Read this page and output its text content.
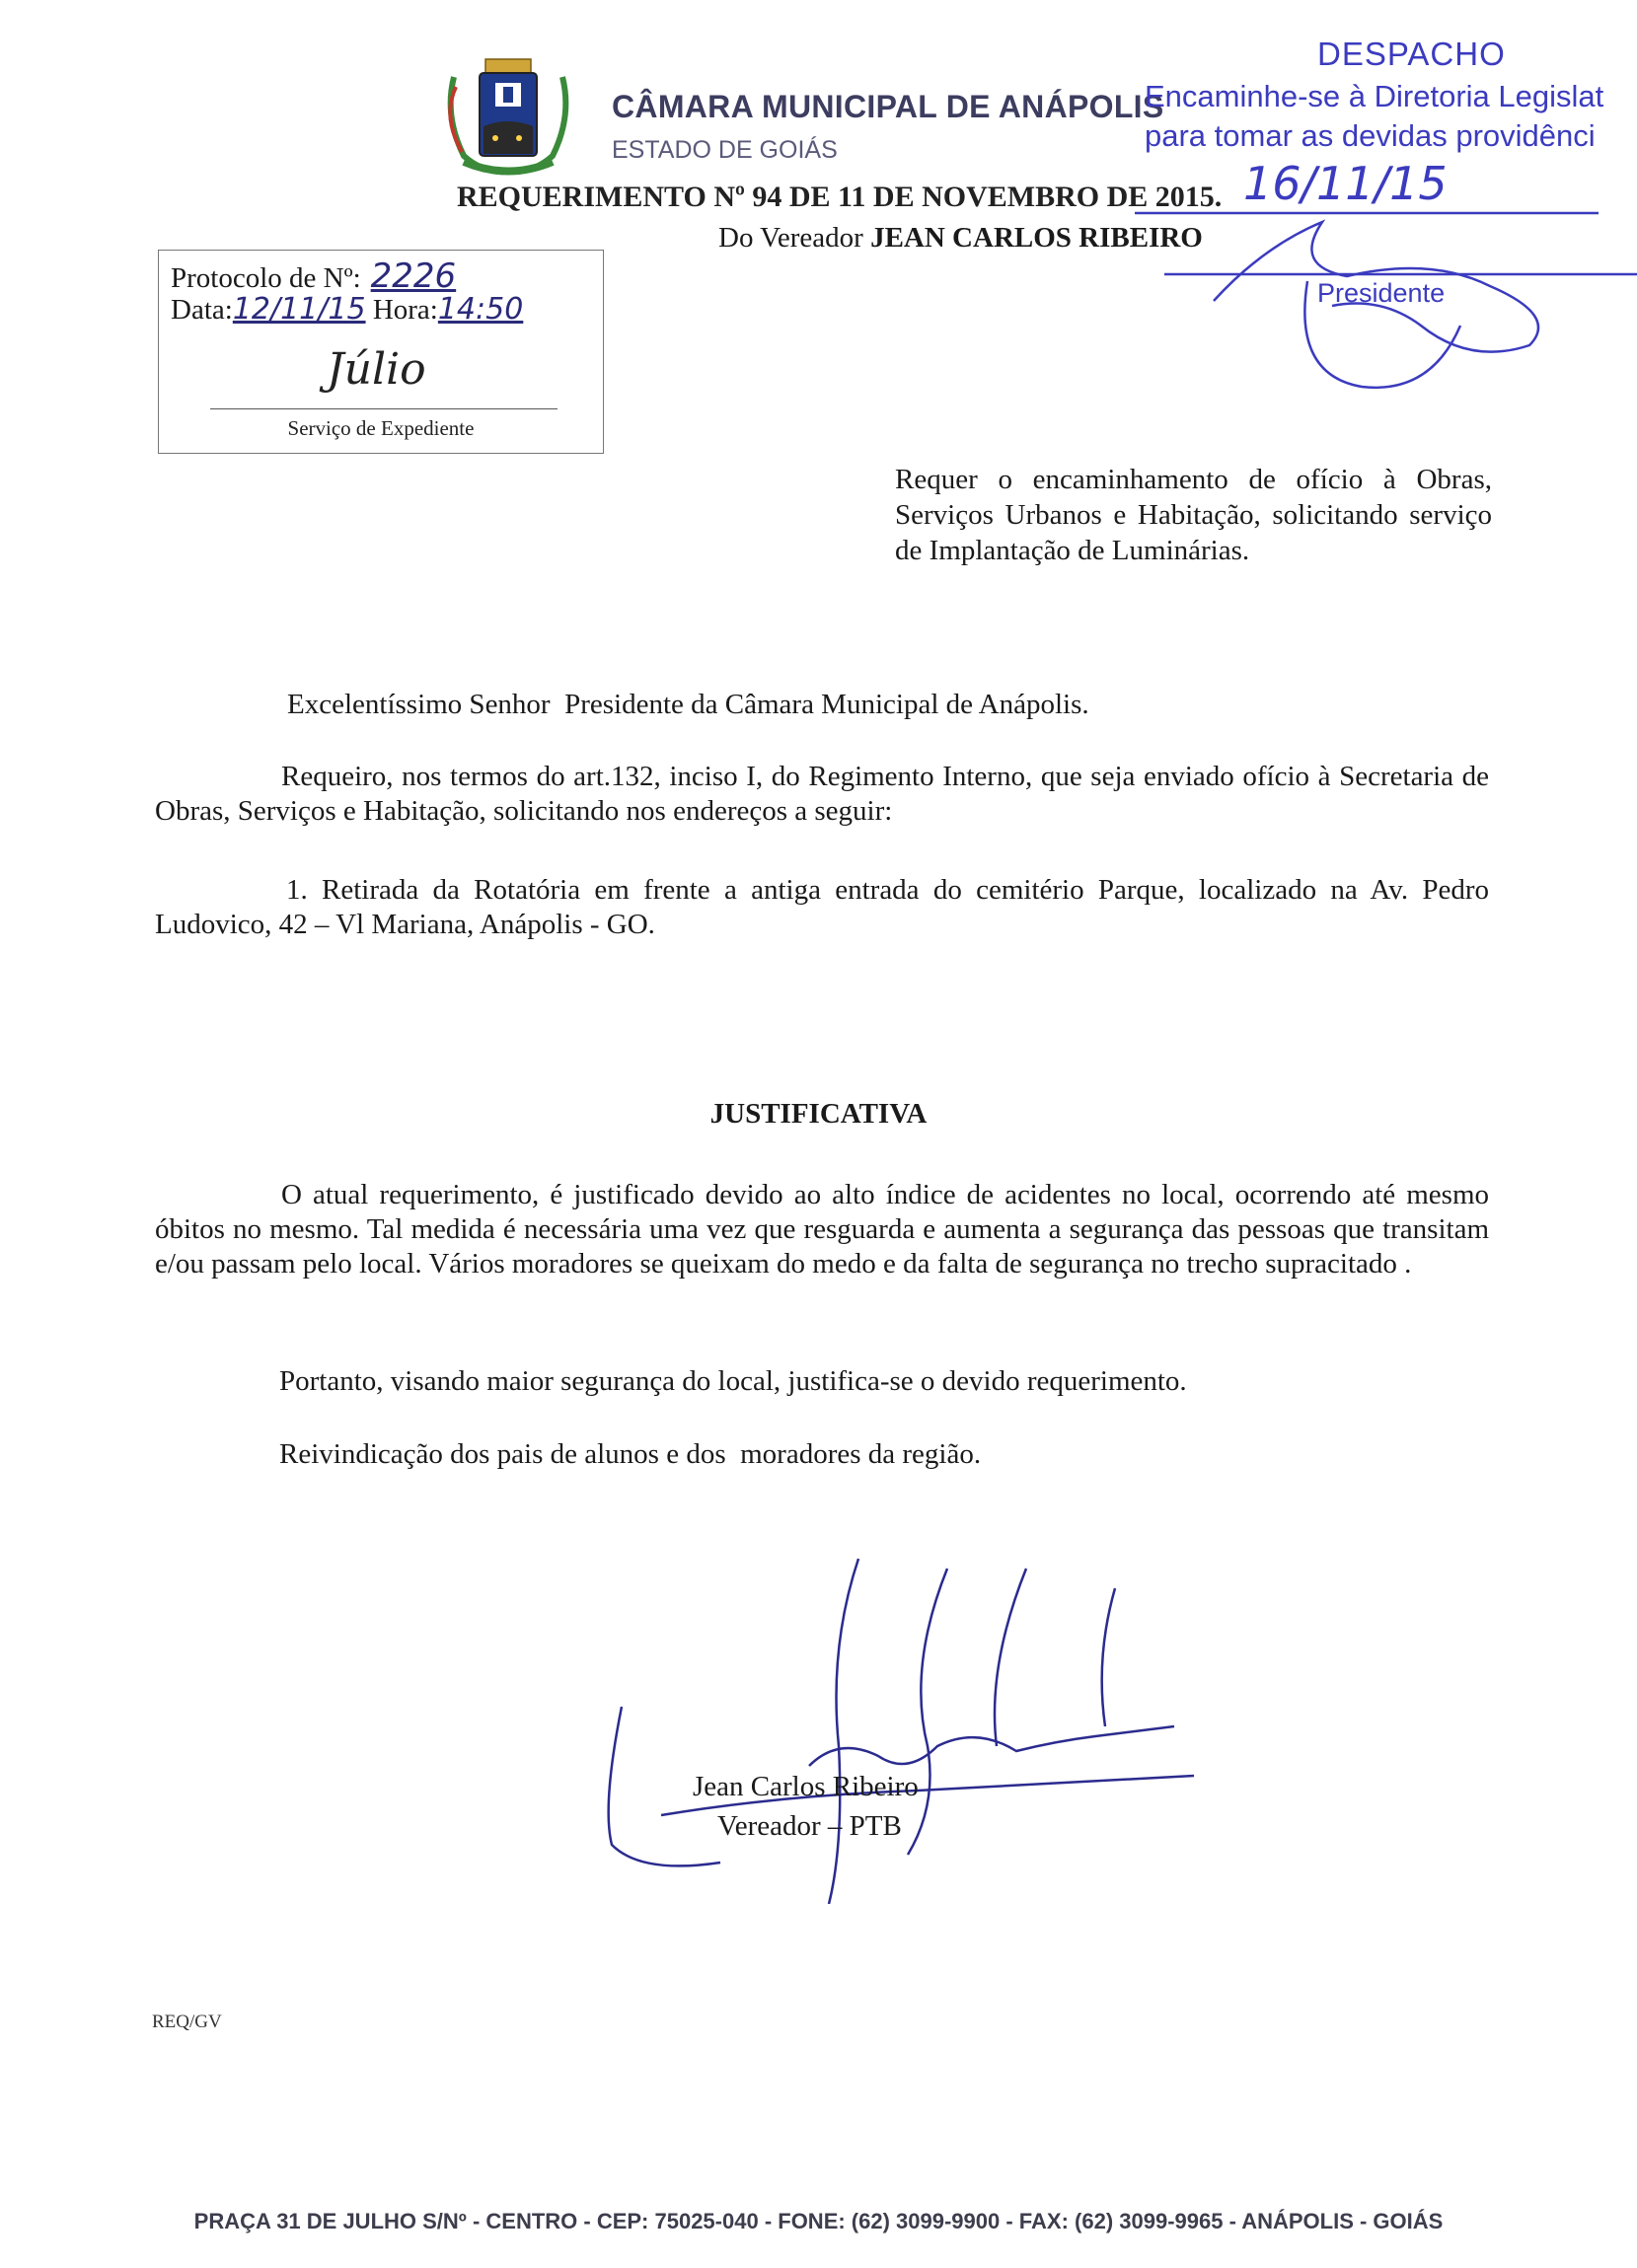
CÂMARA MUNICIPAL DE ANÁPOLIS
ESTADO DE GOIÁS
DESPACHO
Encaminhe-se à Diretoria Legislat
para tomar as devidas providênci
16/11/15
Presidente
REQUERIMENTO Nº 94 DE 11 DE NOVEMBRO DE 2015.
Do Vereador JEAN CARLOS RIBEIRO
Protocolo de Nº: 2226
Data:12/11/15 Hora:14:50
Júlio
Serviço de Expediente
Requer o encaminhamento de ofício à Obras, Serviços Urbanos e Habitação, solicitando serviço de Implantação de Luminárias.
Excelentíssimo Senhor  Presidente da Câmara Municipal de Anápolis.
Requeiro, nos termos do art.132, inciso I, do Regimento Interno, que seja enviado ofício à Secretaria de Obras, Serviços e Habitação, solicitando nos endereços a seguir:
1. Retirada da Rotatória em frente a antiga entrada do cemitério Parque, localizado na Av. Pedro Ludovico, 42 – Vl Mariana, Anápolis - GO.
JUSTIFICATIVA
O atual requerimento, é justificado devido ao alto índice de acidentes no local, ocorrendo até mesmo óbitos no mesmo. Tal medida é necessária uma vez que resguarda e aumenta a segurança das pessoas que transitam e/ou passam pelo local. Vários moradores se queixam do medo e da falta de segurança no trecho supracitado .
Portanto, visando maior segurança do local, justifica-se o devido requerimento.
Reivindicação dos pais de alunos e dos  moradores da região.
Jean Carlos Ribeiro
Vereador – PTB
REQ/GV
PRAÇA 31 DE JULHO S/Nº - CENTRO - CEP: 75025-040 - FONE: (62) 3099-9900 - FAX: (62) 3099-9965 - ANÁPOLIS - GOIÁS
